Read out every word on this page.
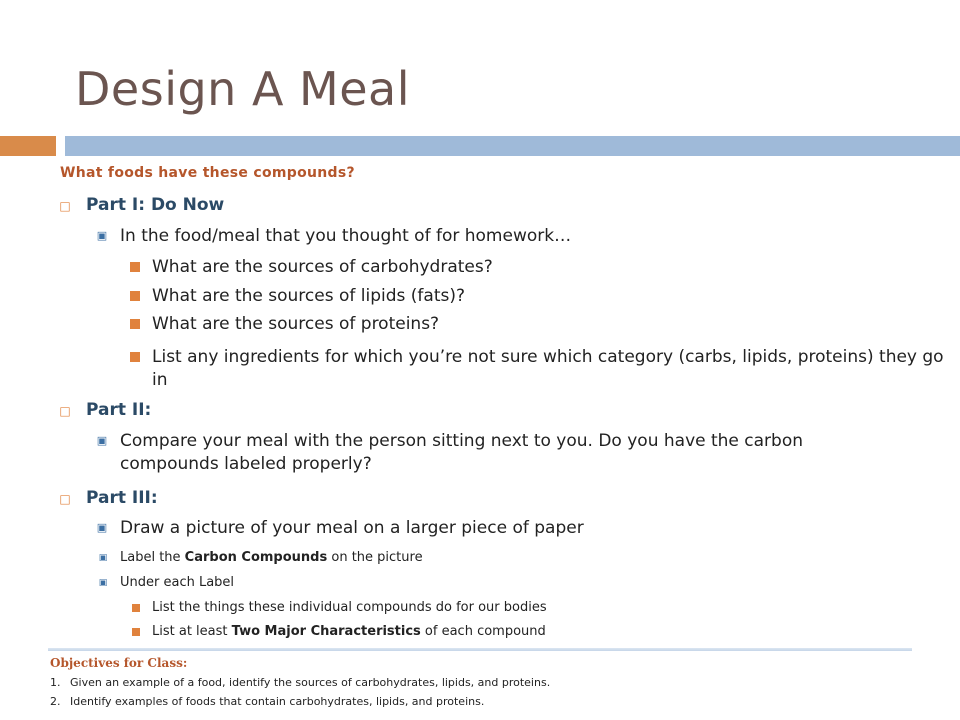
Design A Meal
What foods have these compounds?
□ Part I: Do Now
▣ In the food/meal that you thought of for homework…
What are the sources of carbohydrates?
What are the sources of lipids (fats)?
What are the sources of proteins?
List any ingredients for which you’re not sure which category (carbs, lipids, proteins) they go in
□ Part II:
▣ Compare your meal with the person sitting next to you. Do you have the carbon compounds labeled properly?
□ Part III:
▣ Draw a picture of your meal on a larger piece of paper
▣ Label the Carbon Compounds on the picture
▣ Under each Label
List the things these individual compounds do for our bodies
List at least Two Major Characteristics of each compound
Objectives for Class:
1. Given an example of a food, identify the sources of carbohydrates, lipids, and proteins.
2. Identify examples of foods that contain carbohydrates, lipids, and proteins.
